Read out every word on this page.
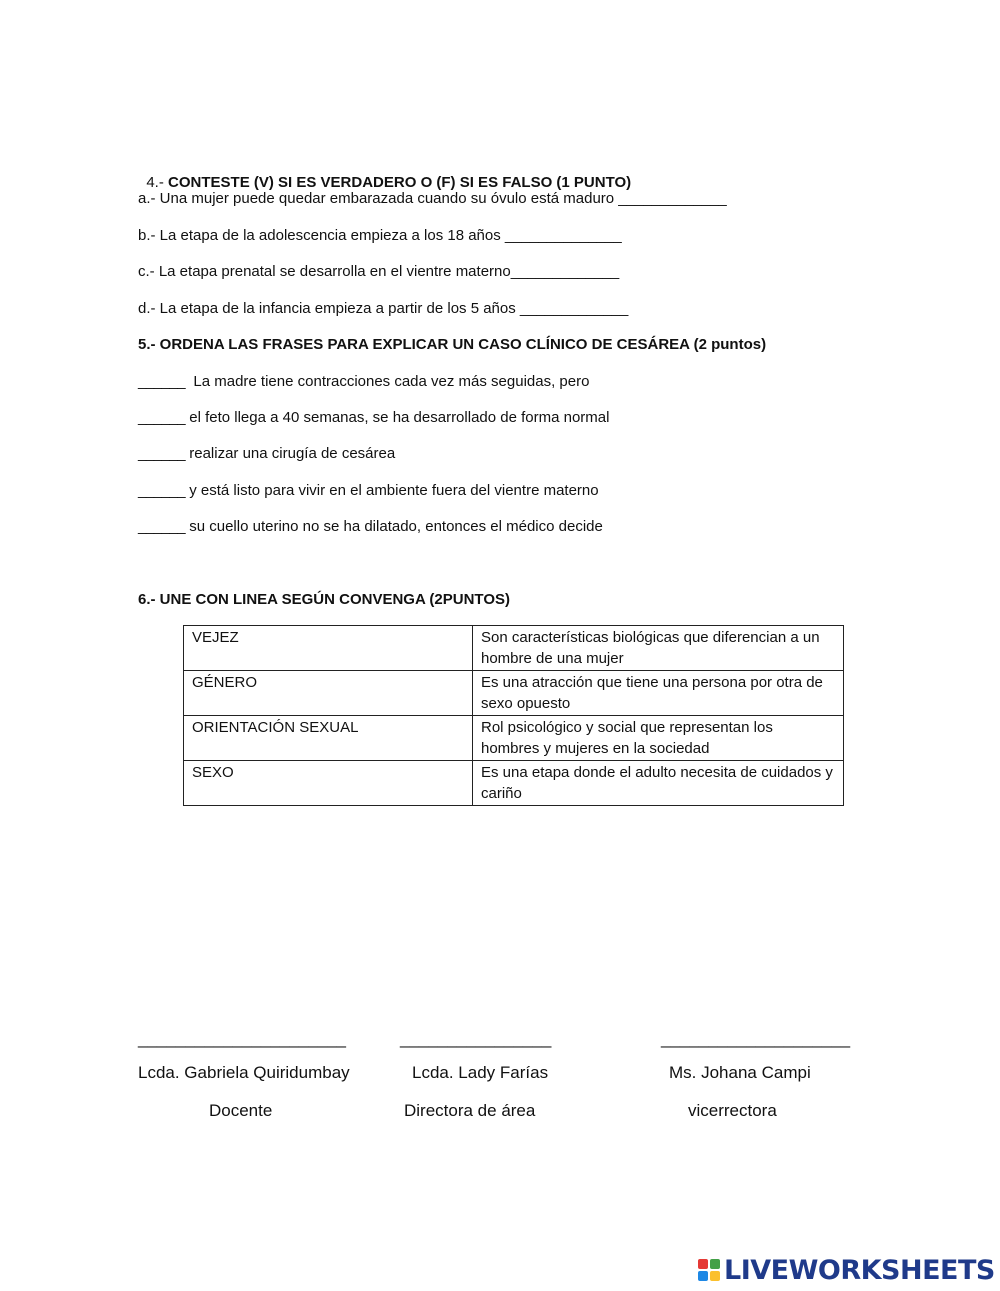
4.- CONTESTE (V) SI ES VERDADERO O (F) SI ES FALSO (1 PUNTO)

a.- Una mujer puede quedar embarazada cuando su óvulo está maduro _____________
b.- La etapa de la adolescencia empieza a los 18 años ______________
c.- La etapa prenatal se desarrolla en el vientre materno_____________
d.- La etapa de la infancia empieza a partir de los 5 años _____________
5.- ORDENA LAS FRASES PARA EXPLICAR UN CASO CLÍNICO DE CESÁREA (2 puntos)
______  La madre tiene contracciones cada vez más seguidas, pero
______ el feto llega a 40 semanas, se ha desarrollado de forma normal
______ realizar una cirugía de cesárea
______ y está listo para vivir en el ambiente fuera del vientre materno
______ su cuello uterino no se ha dilatado, entonces el médico decide
6.- UNE CON LINEA SEGÚN CONVENGA (2PUNTOS)
VEJEZ	Son características biológicas que diferencian a un hombre de una mujer
GÉNERO	Es una atracción que tiene una persona por otra de sexo opuesto
ORIENTACIÓN SEXUAL	Rol psicológico y social que representan los hombres y mujeres en la sociedad
SEXO	Es una etapa donde el adulto necesita de cuidados y cariño
______________________	________________	____________________
Lcda. Gabriela Quiridumbay	Lcda. Lady Farías	Ms. Johana Campi
Docente	Directora de área	vicerrectora
LIVEWORKSHEETS
